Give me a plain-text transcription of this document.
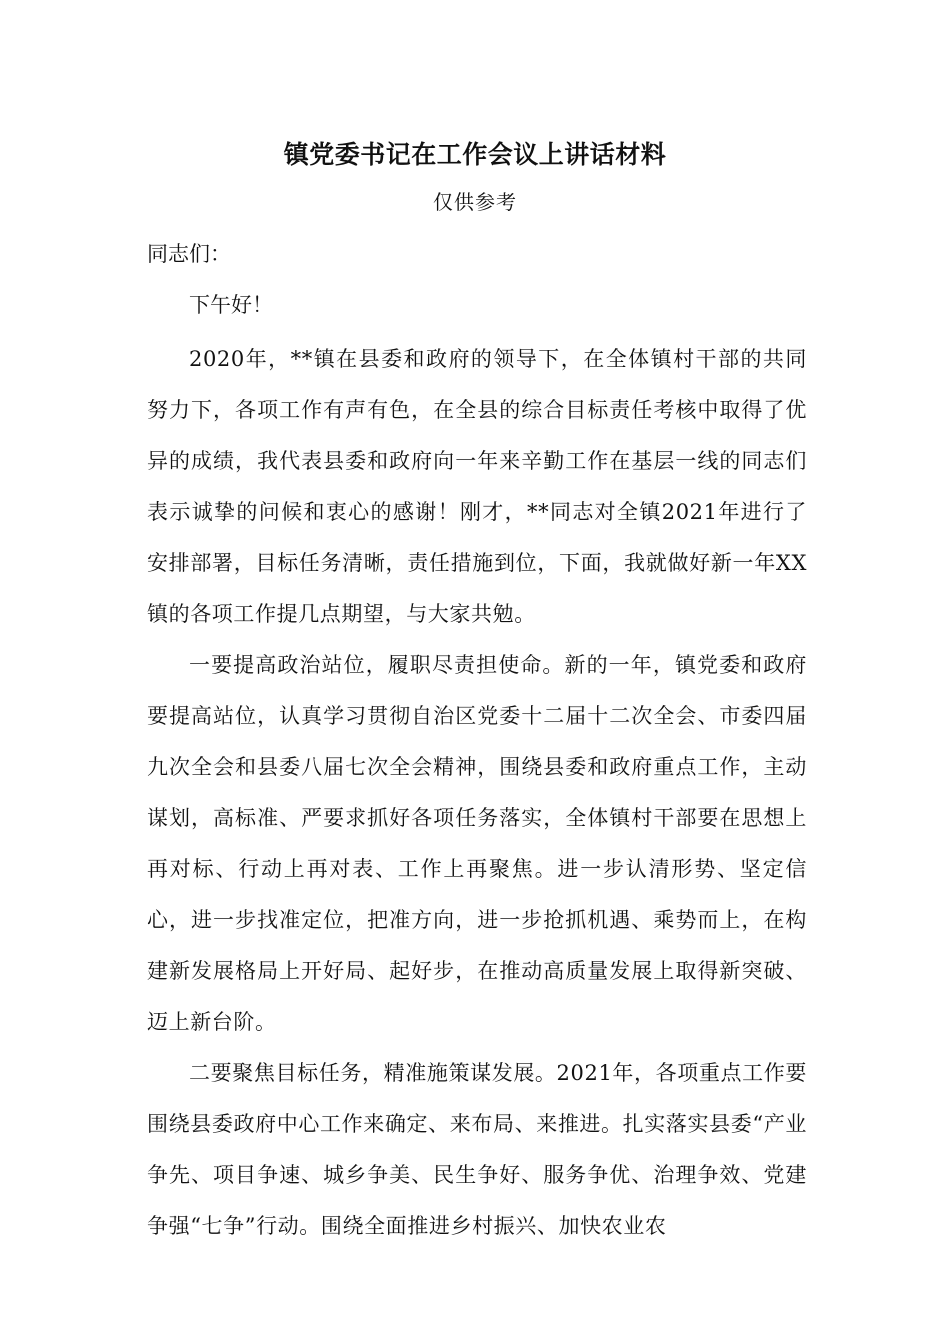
镇党委书记在工作会议上讲话材料
仅供参考
同志们：
下午好！

2020年，**镇在县委和政府的领导下，在全体镇村干部的共同努力下，各项工作有声有色，在全县的综合目标责任考核中取得了优异的成绩，我代表县委和政府向一年来辛勤工作在基层一线的同志们表示诚挚的问候和衷心的感谢！刚才，**同志对全镇2021年进行了安排部署，目标任务清晰，责任措施到位，下面，我就做好新一年XX镇的各项工作提几点期望，与大家共勉。

一要提高政治站位，履职尽责担使命。新的一年，镇党委和政府要提高站位，认真学习贯彻自治区党委十二届十二次全会、市委四届九次全会和县委八届七次全会精神，围绕县委和政府重点工作，主动谋划，高标准、严要求抓好各项任务落实，全体镇村干部要在思想上再对标、行动上再对表、工作上再聚焦。进一步认清形势、坚定信心，进一步找准定位，把准方向，进一步抢抓机遇、乘势而上，在构建新发展格局上开好局、起好步，在推动高质量发展上取得新突破、迈上新台阶。

二要聚焦目标任务，精准施策谋发展。2021年，各项重点工作要围绕县委政府中心工作来确定、来布局、来推进。扎实落实县委“产业争先、项目争速、城乡争美、民生争好、服务争优、治理争效、党建争强“七争”行动。围绕全面推进乡村振兴、加快农业农
